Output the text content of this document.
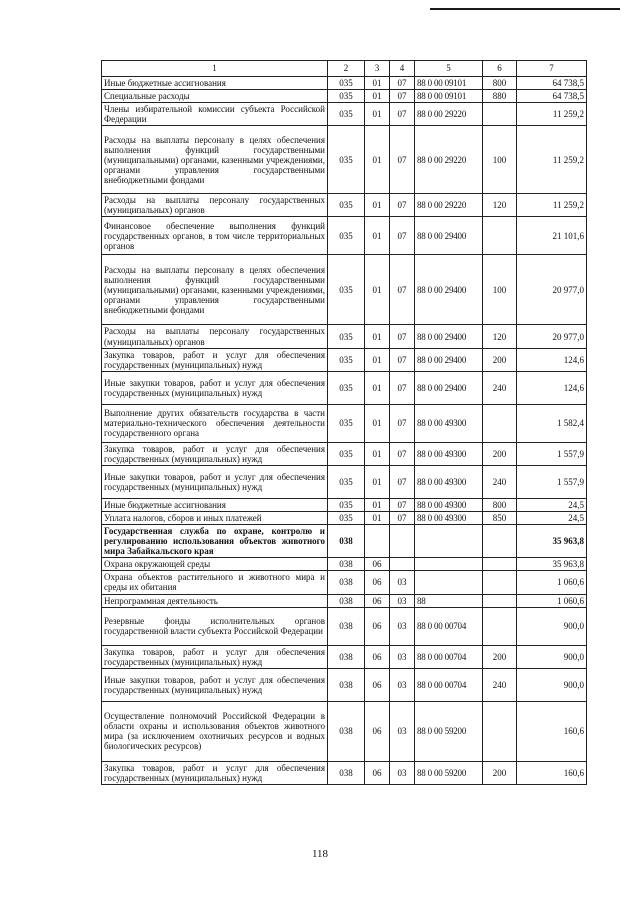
1	2	3	4	5	6	7
Иные бюджетные ассигнования	035	01	07	88 0 00 09101	800	64 738,5
Специальные расходы	035	01	07	88 0 00 09101	880	64 738,5
Члены избирательной комиссии субъекта Российской Федерации	035	01	07	88 0 00 29220		11 259,2
Расходы на выплаты персоналу в целях обеспечения выполнения функций государственными (муниципальными) органами, казенными учреждениями, органами управления государственными внебюджетными фондами	035	01	07	88 0 00 29220	100	11 259,2
Расходы на выплаты персоналу государственных (муниципальных) органов	035	01	07	88 0 00 29220	120	11 259,2
Финансовое обеспечение выполнения функций государственных органов, в том числе территориальных органов	035	01	07	88 0 00 29400		21 101,6
Расходы на выплаты персоналу в целях обеспечения выполнения функций государственными (муниципальными) органами, казенными учреждениями, органами управления государственными внебюджетными фондами	035	01	07	88 0 00 29400	100	20 977,0
Расходы на выплаты персоналу государственных (муниципальных) органов	035	01	07	88 0 00 29400	120	20 977,0
Закупка товаров, работ и услуг для обеспечения государственных (муниципальных) нужд	035	01	07	88 0 00 29400	200	124,6
Иные закупки товаров, работ и услуг для обеспечения государственных (муниципальных) нужд	035	01	07	88 0 00 29400	240	124,6
Выполнение других обязательств государства в части материально-технического обеспечения деятельности государственного органа	035	01	07	88 0 00 49300		1 582,4
Закупка товаров, работ и услуг для обеспечения государственных (муниципальных) нужд	035	01	07	88 0 00 49300	200	1 557,9
Иные закупки товаров, работ и услуг для обеспечения государственных (муниципальных) нужд	035	01	07	88 0 00 49300	240	1 557,9
Иные бюджетные ассигнования	035	01	07	88 0 00 49300	800	24,5
Уплата налогов, сборов и иных платежей	035	01	07	88 0 00 49300	850	24,5
Государственная служба по охране, контролю и регулированию использования объектов животного мира Забайкальского края	038					35 963,8
Охрана окружающей среды	038	06				35 963,8
Охрана объектов растительного и животного мира и среды их обитания	038	06	03			1 060,6
Непрограммная деятельность	038	06	03	88		1 060,6
Резервные фонды исполнительных органов государственной власти субъекта Российской Федерации	038	06	03	88 0 00 00704		900,0
Закупка товаров, работ и услуг для обеспечения государственных (муниципальных) нужд	038	06	03	88 0 00 00704	200	900,0
Иные закупки товаров, работ и услуг для обеспечения государственных (муниципальных) нужд	038	06	03	88 0 00 00704	240	900,0
Осуществление полномочий Российской Федерации в области охраны и использования объектов животного мира (за исключением охотничьих ресурсов и водных биологических ресурсов)	038	06	03	88 0 00 59200		160,6
Закупка товаров, работ и услуг для обеспечения государственных (муниципальных) нужд	038	06	03	88 0 00 59200	200	160,6
118
